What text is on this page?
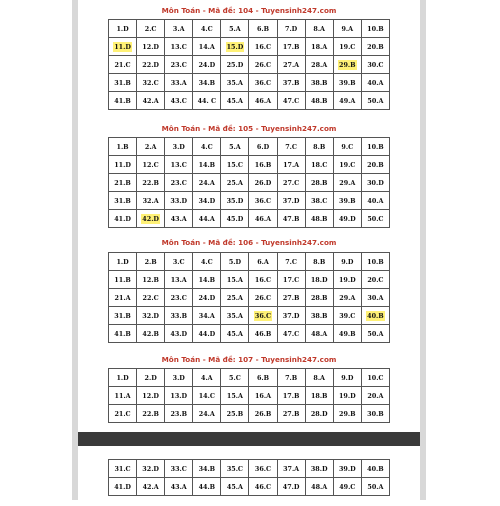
Môn Toán - Mã đề: 104 - Tuyensinh247.com
1.D	2.C	3.A	4.C	5.A	6.B	7.D	8.A	9.A	10.B
11.D	12.D	13.C	14.A	15.D	16.C	17.B	18.A	19.C	20.B
21.C	22.D	23.C	24.D	25.D	26.C	27.A	28.A	29.B	30.C
31.B	32.C	33.A	34.B	35.A	36.C	37.B	38.B	39.B	40.A
41.B	42.A	43.C	44. C	45.A	46.A	47.C	48.B	49.A	50.A
Môn Toán - Mã đề: 105 - Tuyensinh247.com
1.B	2.A	3.D	4.C	5.A	6.D	7.C	8.B	9.C	10.B
11.D	12.C	13.C	14.B	15.C	16.B	17.A	18.C	19.C	20.B
21.B	22.B	23.C	24.A	25.A	26.D	27.C	28.B	29.A	30.D
31.B	32.A	33.D	34.D	35.D	36.C	37.D	38.C	39.B	40.A
41.D	42.D	43.A	44.A	45.D	46.A	47.B	48.B	49.D	50.C
Môn Toán - Mã đề: 106 - Tuyensinh247.com
1.D	2.B	3.C	4.C	5.D	6.A	7.C	8.B	9.D	10.B
11.B	12.B	13.A	14.B	15.A	16.C	17.C	18.D	19.D	20.C
21.A	22.C	23.C	24.D	25.A	26.C	27.B	28.B	29.A	30.A
31.B	32.D	33.B	34.A	35.A	36.C	37.D	38.B	39.C	40.B
41.B	42.B	43.D	44.D	45.A	46.B	47.C	48.A	49.B	50.A
Môn Toán - Mã đề: 107 - Tuyensinh247.com
1.D	2.D	3.D	4.A	5.C	6.B	7.B	8.A	9.D	10.C
11.A	12.D	13.D	14.C	15.A	16.A	17.B	18.B	19.D	20.A
21.C	22.B	23.B	24.A	25.B	26.B	27.B	28.D	29.B	30.B
31.C	32.D	33.C	34.B	35.C	36.C	37.A	38.D	39.D	40.B
41.D	42.A	43.A	44.B	45.A	46.C	47.D	48.A	49.C	50.A
